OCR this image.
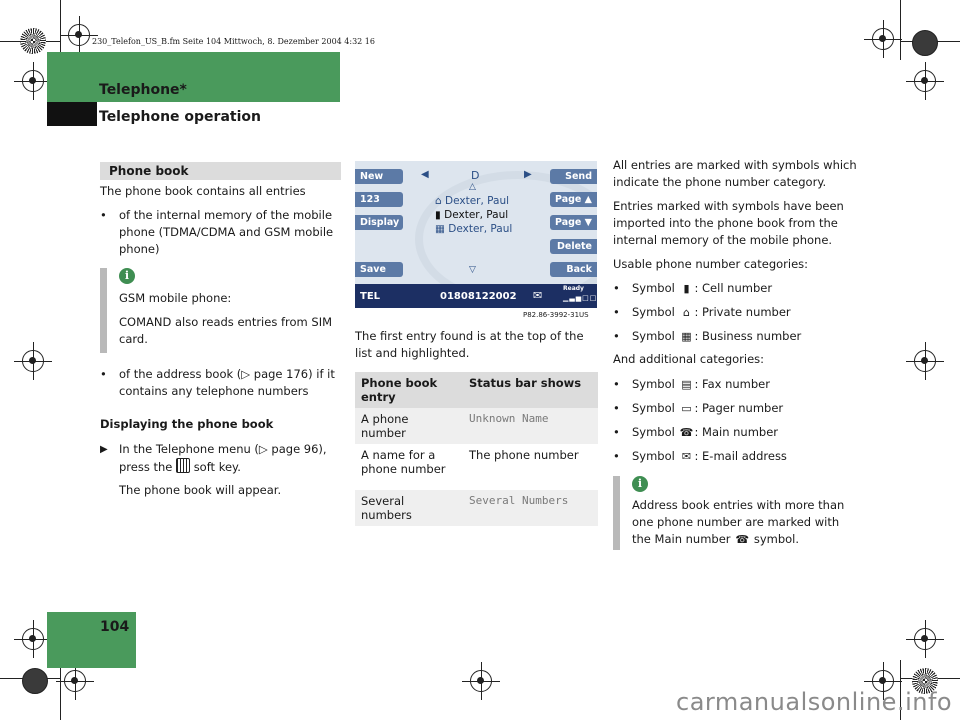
230_Telefon_US_B.fm Seite 104 Mittwoch, 8. Dezember 2004 4:32 16
Telephone*
Telephone operation
Phone book
The phone book contains all entries
• of the internal memory of the mobile phone (TDMA/CDMA and GSM mobile phone)
i
GSM mobile phone:
COMAND also reads entries from SIM card.
• of the address book (▷ page 176) if it contains any telephone numbers
Displaying the phone book
▶ In the Telephone menu (▷ page 96), press the soft key.
The phone book will appear.
New
123
Display
Save
Send
Page ▲
Page ▼
Delete
Back
◀	D	▶
△
⌂ Dexter, Paul
▮ Dexter, Paul
▦ Dexter, Paul
▽
TEL	01808122002 ✉
Ready
▁▃▅□□
P82.86-3992-31US
The first entry found is at the top of the list and highlighted.
Phone book entry	Status bar shows
A phone number	Unknown Name
A name for a phone number	The phone number
Several numbers	Several Numbers
All entries are marked with symbols which indicate the phone number category.
Entries marked with symbols have been imported into the phone book from the internal memory of the mobile phone.
Usable phone number categories:
• Symbol ▮ : Cell number
• Symbol ⌂ : Private number
• Symbol ▦ : Business number
And additional categories:
• Symbol ▤ : Fax number
• Symbol ▭ : Pager number
• Symbol ☎: Main number
• Symbol ✉ : E-mail address
i
Address book entries with more than one phone number are marked with the Main number ☎ symbol.
104
carmanualsonline.info
